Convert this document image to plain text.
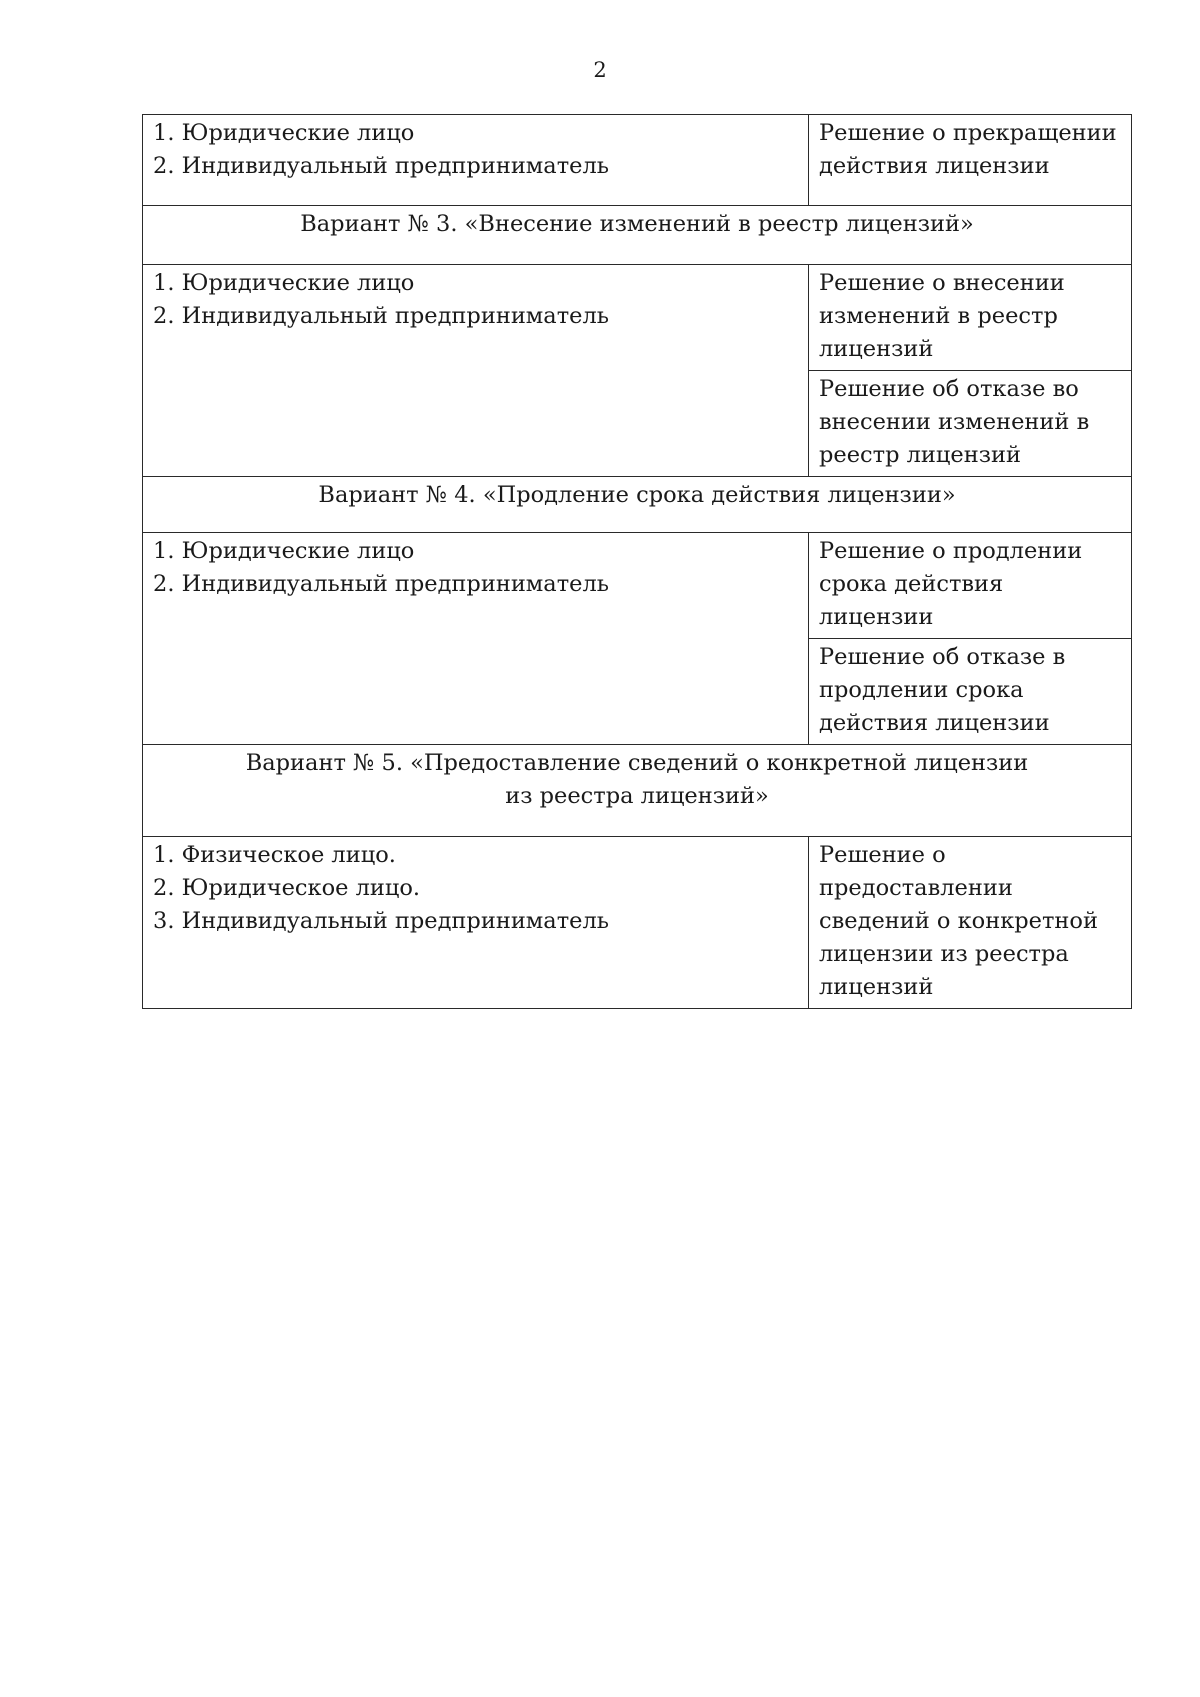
2
1. Юридические лицо
2. Индивидуальный предприниматель	Решение о прекращении действия лицензии

Вариант № 3. «Внесение изменений в реестр лицензий»	

1. Юридические лицо
2. Индивидуальный предприниматель	Решение о внесении изменений в реестр лицензий

	Решение об отказе во внесении изменений в реестр лицензий

Вариант № 4. «Продление срока действия лицензии»	

1. Юридические лицо
2. Индивидуальный предприниматель	Решение о продлении срока действия лицензии

	Решение об отказе в продлении срока действия лицензии

Вариант № 5. «Предоставление сведений о конкретной лицензии
из реестра лицензий»	

1. Физическое лицо.
2. Юридическое лицо.
3. Индивидуальный предприниматель	Решение о предоставлении сведений о конкретной лицензии из реестра лицензий
